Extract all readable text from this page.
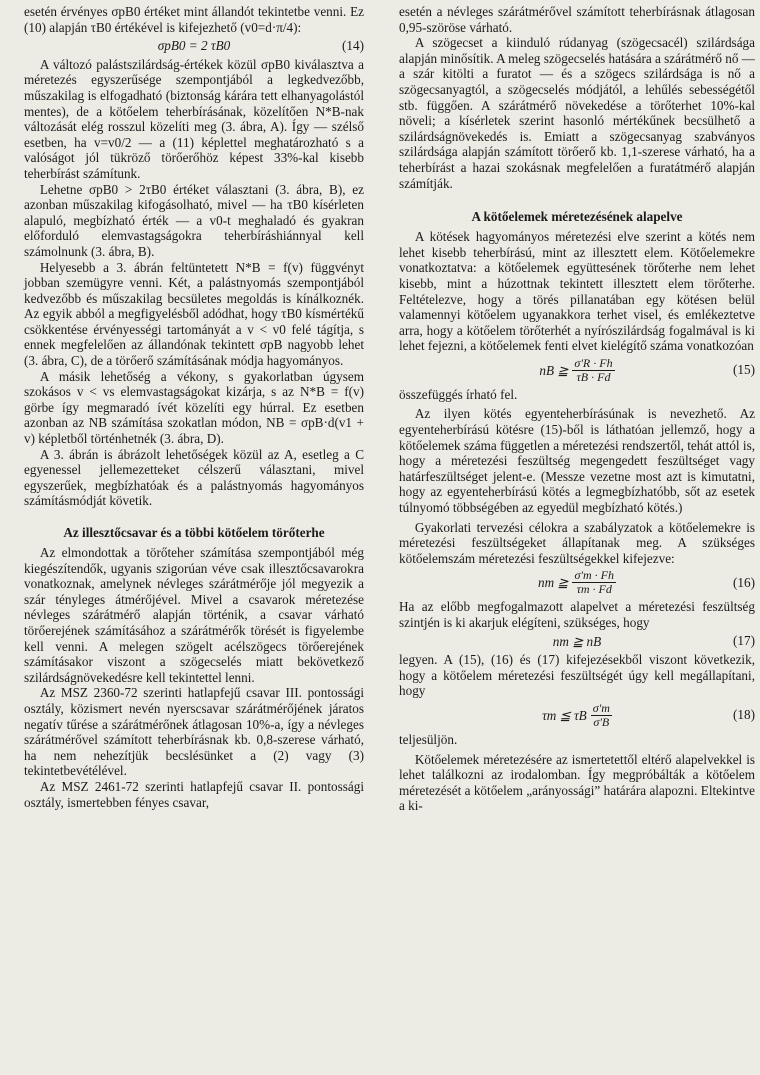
esetén érvényes σpB0 értéket mint állandót tekintetbe venni. Ez (10) alapján τB0 értékével is kifejezhető (v0=d·π/4):

σpB0 = 2 τB0	(14)

A változó palástszilárdság-értékek közül σpB0 kiválasztva a méretezés egyszerűsége szempontjából a legkedvezőbb, műszakilag is elfogadható (biztonság kárára tett elhanyagolástól mentes), de a kötőelem teherbírásának, közelítően N*B-nak változását elég rosszul közelíti meg (3. ábra, A). Így — szélső esetben, ha v=v0/2 — a (11) képlettel meghatározható s a valóságot jól tükröző törőerőhöz képest 33%-kal kisebb teherbírást számítunk.

Lehetne σpB0 > 2τB0 értéket választani (3. ábra, B), ez azonban műszakilag kifogásolható, mivel — ha τB0 kísérleten alapuló, megbízható érték — a v0-t meghaladó és gyakran előforduló elemvastagságokra teherbíráshiánnyal kell számolnunk (3. ábra, B).

Helyesebb a 3. ábrán feltüntetett N*B = f(v) függvényt jobban szemügyre venni. Két, a palástnyomás szempontjából kedvezőbb és műszakilag becsületes megoldás is kínálkoznék. Az egyik abból a megfigyelésből adódhat, hogy τB0 kísmértékű csökkentése érvényességi tartományát a v < v0 felé tágítja, s ennek megfelelően az állandónak tekintett σpB nagyobb lehet (3. ábra, C), de a törőerő számításának módja hagyományos.

A másik lehetőség a vékony, s gyakorlatban úgysem szokásos v < vs elemvastagságokat kizárja, s az N*B = f(v) görbe így megmaradó ívét közelíti egy húrral. Ez esetben azonban az NB számítása szokatlan módon, NB = σpB·d(v1 + v) képletből történhetnék (3. ábra, D).

A 3. ábrán is ábrázolt lehetőségek közül az A, esetleg a C egyenessel jellemezetteket célszerű választani, mivel egyszerűek, megbízhatóak és a palástnyomás hagyományos számításmódját követik.

Az illesztőcsavar és a többi kötőelem törőterhe

Az elmondottak a törőteher számítása szempontjából még kiegészítendők, ugyanis szigorúan véve csak illesztőcsavarokra vonatkoznak, amelynek névleges szárátmérője jól megyezik a szár tényleges átmérőjével. Mivel a csavarok méretezése névleges szárátmérő alapján történik, a csavar várható törőerejének számításához a szárátmérők törését is figyelembe kell venni. A melegen szögelt acélszögecs törőerejének számításakor viszont a szögecselés miatt bekövetkező szilárdságnövekedésre kell tekintettel lenni.

Az MSZ 2360-72 szerinti hatlapfejű csavar III. pontossági osztály, közismert nevén nyerscsavar szárátmérőjének járatos negatív tűrése a szárátmérőnek átlagosan 10%-a, így a névleges szárátmérővel számított teherbírásnak kb. 0,8-szerese várható, ha nem nehezítjük becslésünket a (2) vagy (3) tekintetbevétélével.

Az MSZ 2461-72 szerinti hatlapfejű csavar II. pontossági osztály, ismertebben fényes csavar,

esetén a névleges szárátmérővel számított teherbírásnak átlagosan 0,95-szöröse várható.

A szögecset a kiinduló rúdanyag (szögecsacél) szilárdsága alapján minősítik. A meleg szögecselés hatására a szárátmérő nő — a szár kitölti a furatot — és a szögecs szilárdsága is nő a szögecsanyagtól, a szögecselés módjától, a lehűlés sebességétől stb. függően. A szárátmérő növekedése a törőterhet 10%-kal növeli; a kísérletek szerint hasonló mértékűnek becsülhető a szilárdságnövekedés is. Emiatt a szögecsanyag szabványos szilárdsága alapján számított törőerő kb. 1,1-szerese várható, ha a teherbírást a hazai szokásnak megfelelően a furatátmérő alapján számítják.

A kötőelemek méretezésének alapelve

A kötések hagyományos méretezési elve szerint a kötés nem lehet kisebb teherbírású, mint az illesztett elem. Kötőelemekre vonatkoztatva: a kötőelemek együttesének törőterhe nem lehet kisebb, mint a húzottnak tekintett illesztett elem törőterhe. Feltételezve, hogy a törés pillanatában egy kötésen belül valamennyi kötőelem ugyanakkora terhet visel, és emlékeztetve arra, hogy a kötőelem törőterhét a nyírószilárdság fogalmával is ki lehet fejezni, a kötőelemek fenti elvet kielégítő száma vonatkozóan

nB ≧ $\frac{\sigma'R \cdot Fh}{\tau B \cdot Fd}$	(15)

összefüggés írható fel.

Az ilyen kötés egyenteherbírásúnak is nevezhető. Az egyenteherbírású kötésre (15)-ből is láthatóan jellemző, hogy a kötőelemek száma független a méretezési rendszertől, tehát attól is, hogy a méretezési feszültség megengedett feszültséget vagy határfeszültséget jelent-e. (Messze vezetne most azt is kimutatni, hogy az egyenteherbírású kötés a legmegbízhatóbb, sőt az esetek túlnyomó többségében az egyedül megbízható kötés.)

Gyakorlati tervezési célokra a szabályzatok a kötőelemekre is méretezési feszültségeket állapítanak meg. A szükséges kötőelemszám méretezési feszültségekkel kifejezve:

nm ≧ $\frac{\sigma'm \cdot Fh}{\tau m \cdot Fd}$	(16)

Ha az előbb megfogalmazott alapelvet a méretezési feszültség szintjén is ki akarjuk elégíteni, szükséges, hogy

nm ≧ nB	(17)

legyen. A (15), (16) és (17) kifejezésekből viszont következik, hogy a kötőelem méretezési feszültségét úgy kell megállapítani, hogy

τm ≦ τB $\frac{\sigma'm}{\sigma'B}$	(18)

teljesüljön.

Kötőelemek méretezésére az ismertetettől eltérő alapelvekkel is lehet találkozni az irodalomban. Így megpróbálták a kötőelem méretezését a kötőelem „arányossági” határára alapozni. Eltekintve a ki-
